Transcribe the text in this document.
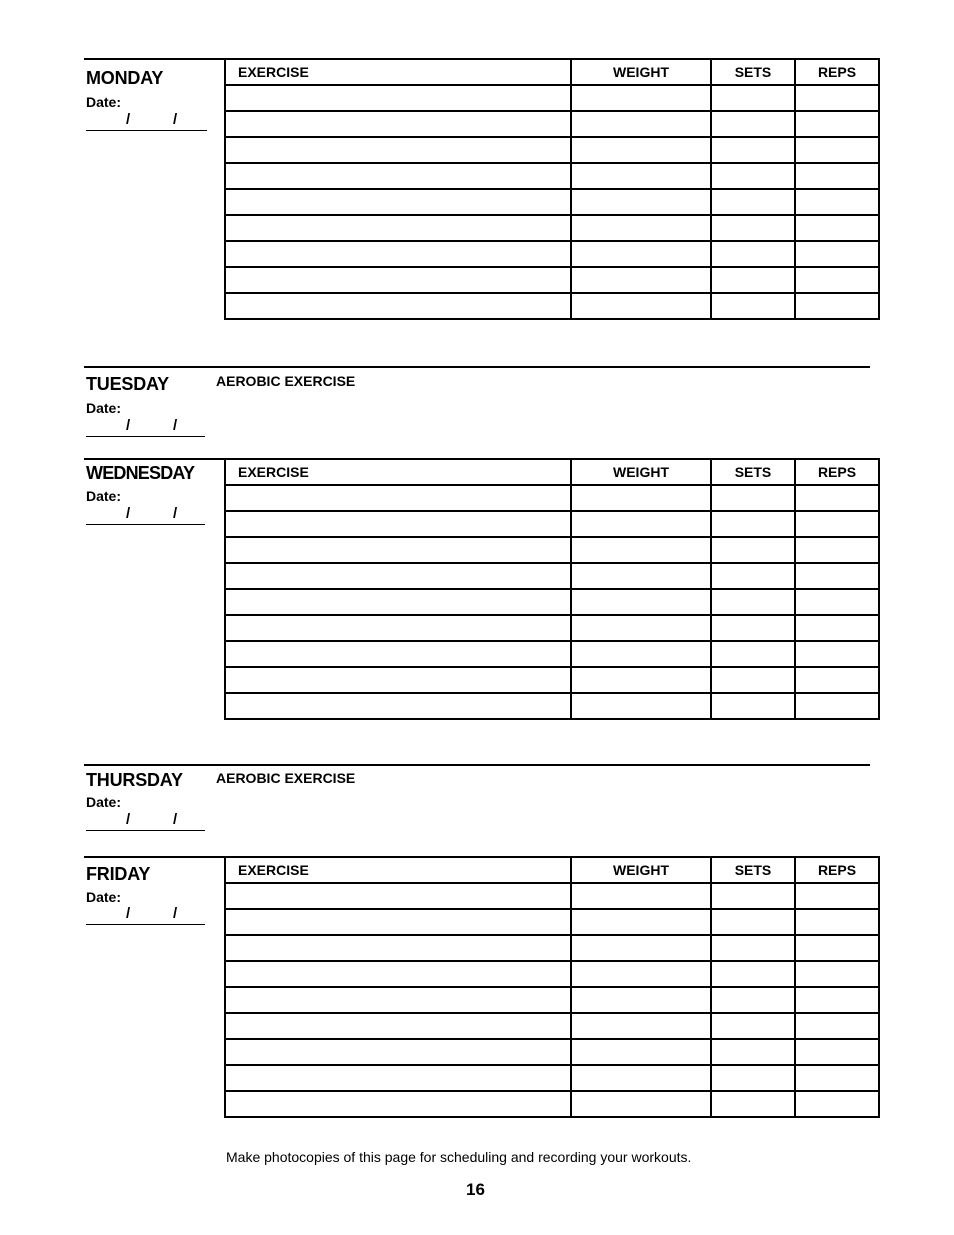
MONDAY
Date:
/	/
EXERCISE	WEIGHT	SETS	REPS

TUESDAY	AEROBIC EXERCISE
Date:
/	/
WEDNESDAY
Date:
/	/
EXERCISE	WEIGHT	SETS	REPS

THURSDAY AEROBIC EXERCISE
Date:
/	/
FRIDAY
Date:
/	/
EXERCISE	WEIGHT	SETS	REPS

Make photocopies of this page for scheduling and recording your workouts.
16
